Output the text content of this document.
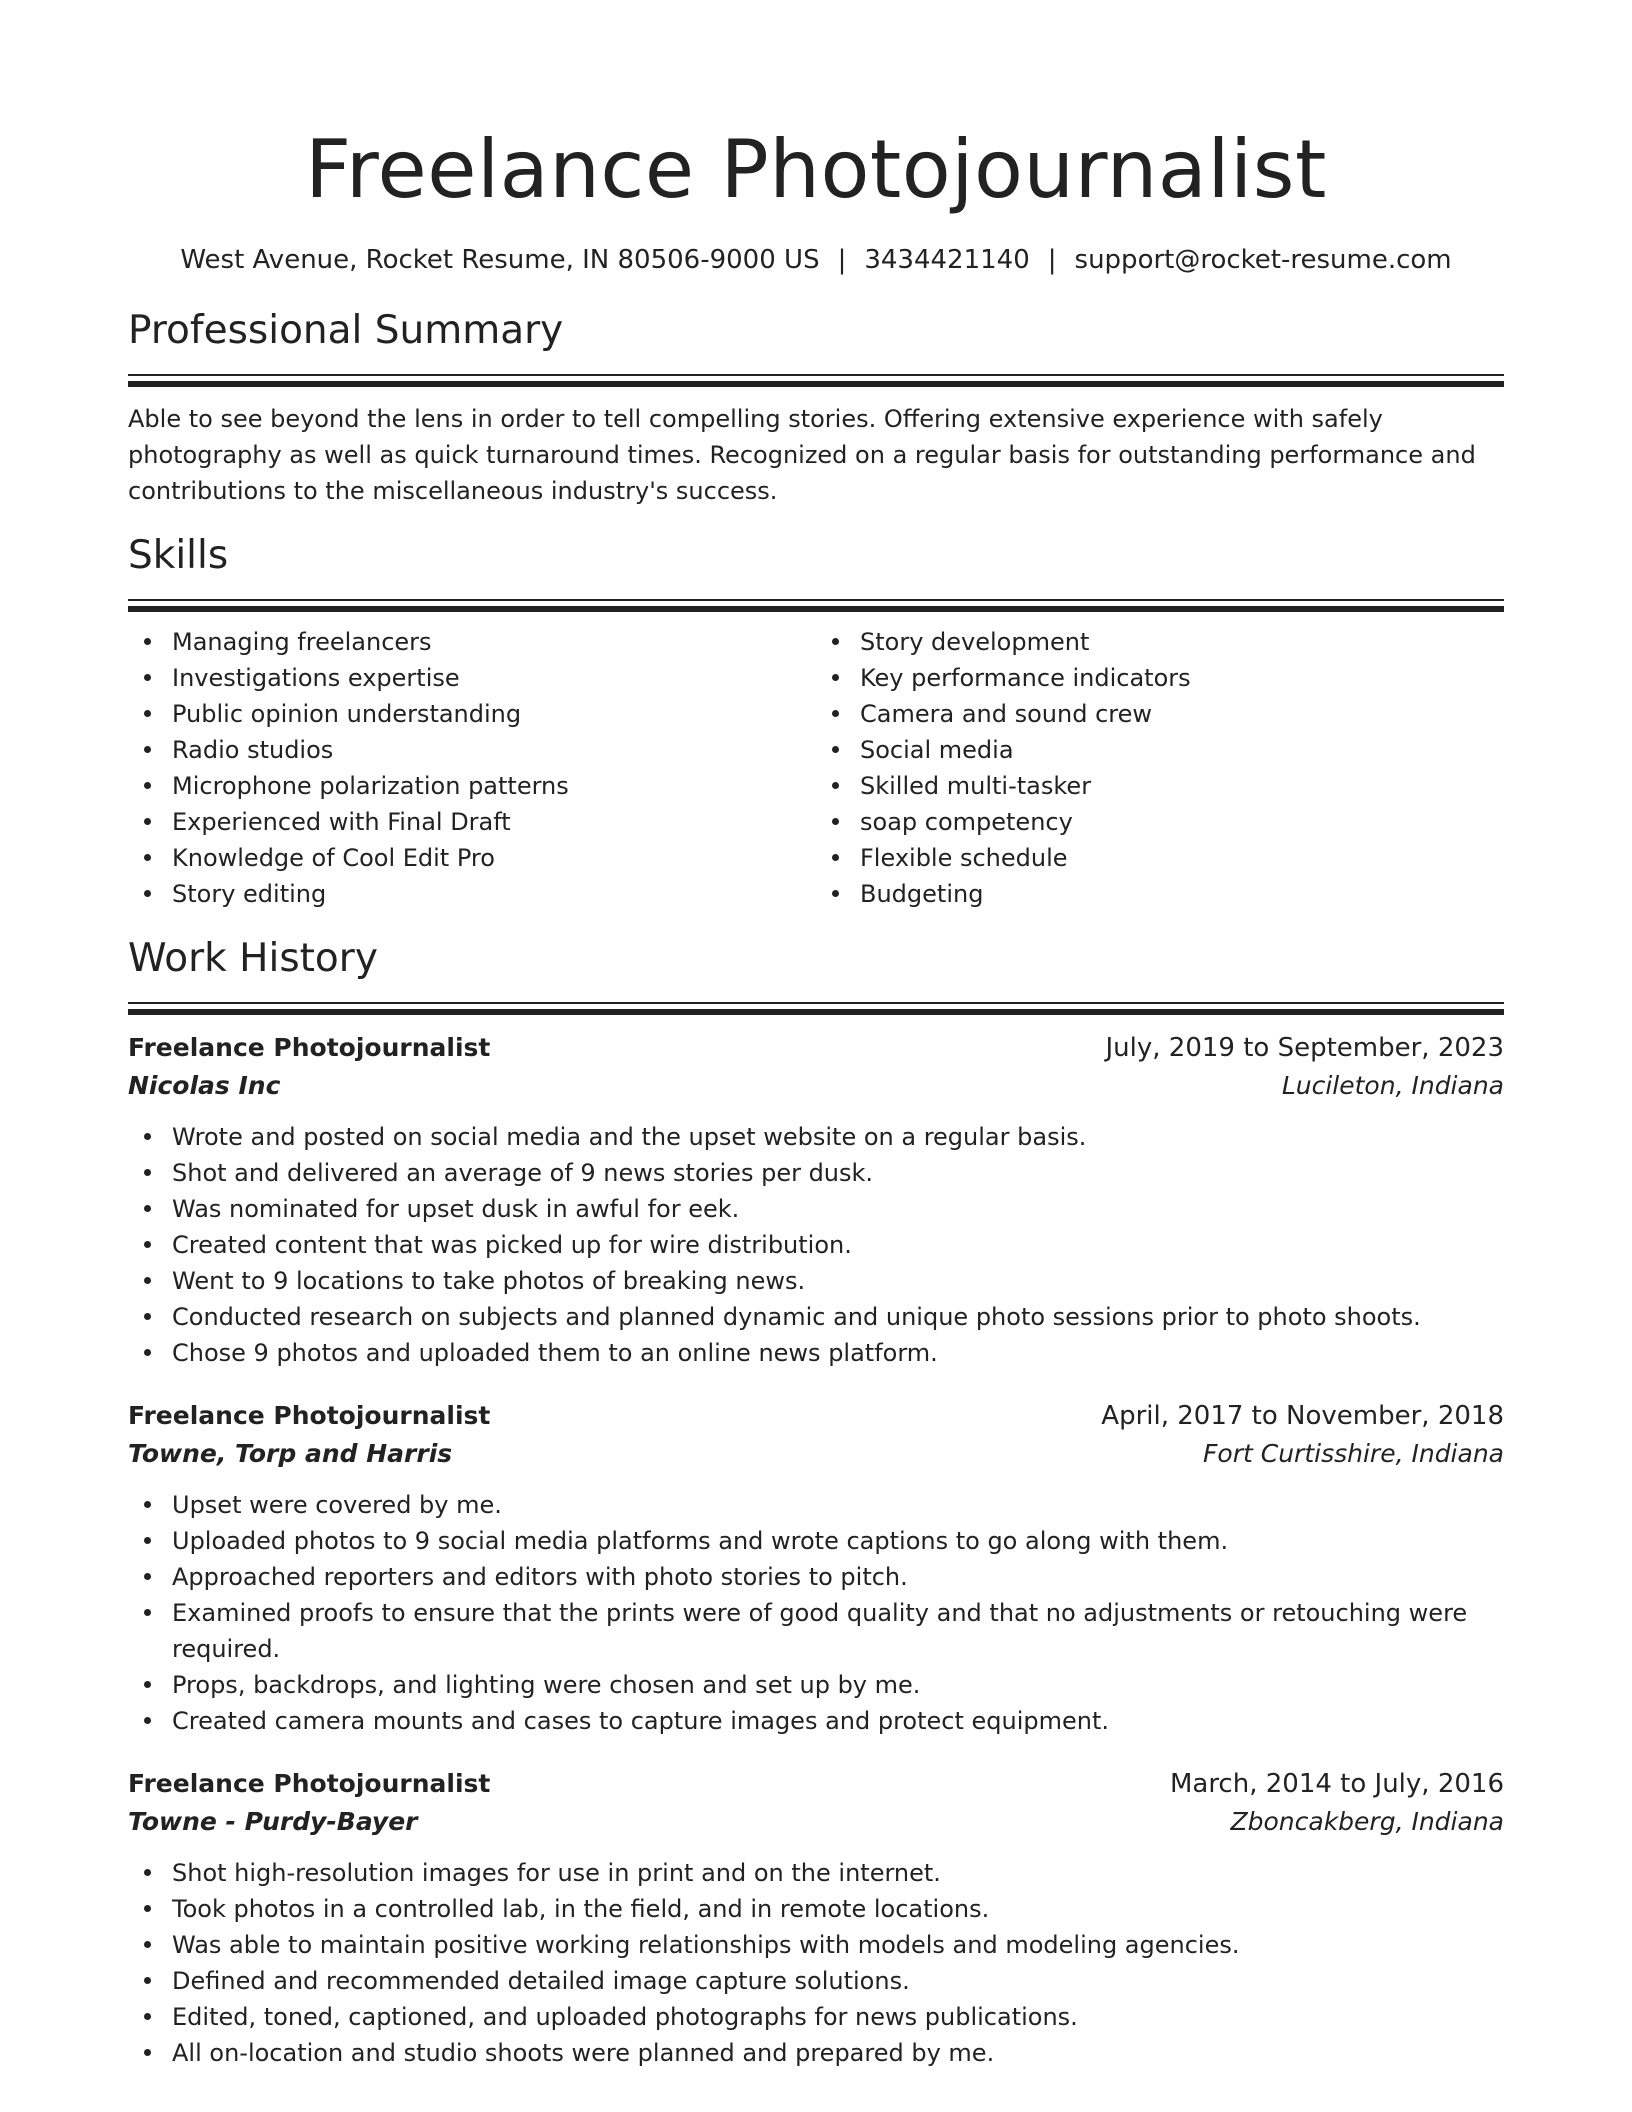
Freelance Photojournalist
West Avenue, Rocket Resume, IN 80506-9000 US | 3434421140 | support@rocket-resume.com
Professional Summary

Able to see beyond the lens in order to tell compelling stories. Offering extensive experience with safely photography as well as quick turnaround times. Recognized on a regular basis for outstanding performance and contributions to the miscellaneous industry's success.

Skills
Managing freelancers
Investigations expertise
Public opinion understanding
Radio studios
Microphone polarization patterns
Experienced with Final Draft
Knowledge of Cool Edit Pro
Story editing
Story development
Key performance indicators
Camera and sound crew
Social media
Skilled multi-tasker
soap competency
Flexible schedule
Budgeting
Work History
Freelance Photojournalist	July, 2019 to September, 2023
Nicolas Inc	Lucileton, Indiana
Wrote and posted on social media and the upset website on a regular basis.
Shot and delivered an average of 9 news stories per dusk.
Was nominated for upset dusk in awful for eek.
Created content that was picked up for wire distribution.
Went to 9 locations to take photos of breaking news.
Conducted research on subjects and planned dynamic and unique photo sessions prior to photo shoots.
Chose 9 photos and uploaded them to an online news platform.
Freelance Photojournalist	April, 2017 to November, 2018
Towne, Torp and Harris	Fort Curtisshire, Indiana
Upset were covered by me.
Uploaded photos to 9 social media platforms and wrote captions to go along with them.
Approached reporters and editors with photo stories to pitch.
Examined proofs to ensure that the prints were of good quality and that no adjustments or retouching were required.
Props, backdrops, and lighting were chosen and set up by me.
Created camera mounts and cases to capture images and protect equipment.
Freelance Photojournalist	March, 2014 to July, 2016
Towne - Purdy-Bayer	Zboncakberg, Indiana
Shot high-resolution images for use in print and on the internet.
Took photos in a controlled lab, in the field, and in remote locations.
Was able to maintain positive working relationships with models and modeling agencies.
Defined and recommended detailed image capture solutions.
Edited, toned, captioned, and uploaded photographs for news publications.
All on-location and studio shoots were planned and prepared by me.
